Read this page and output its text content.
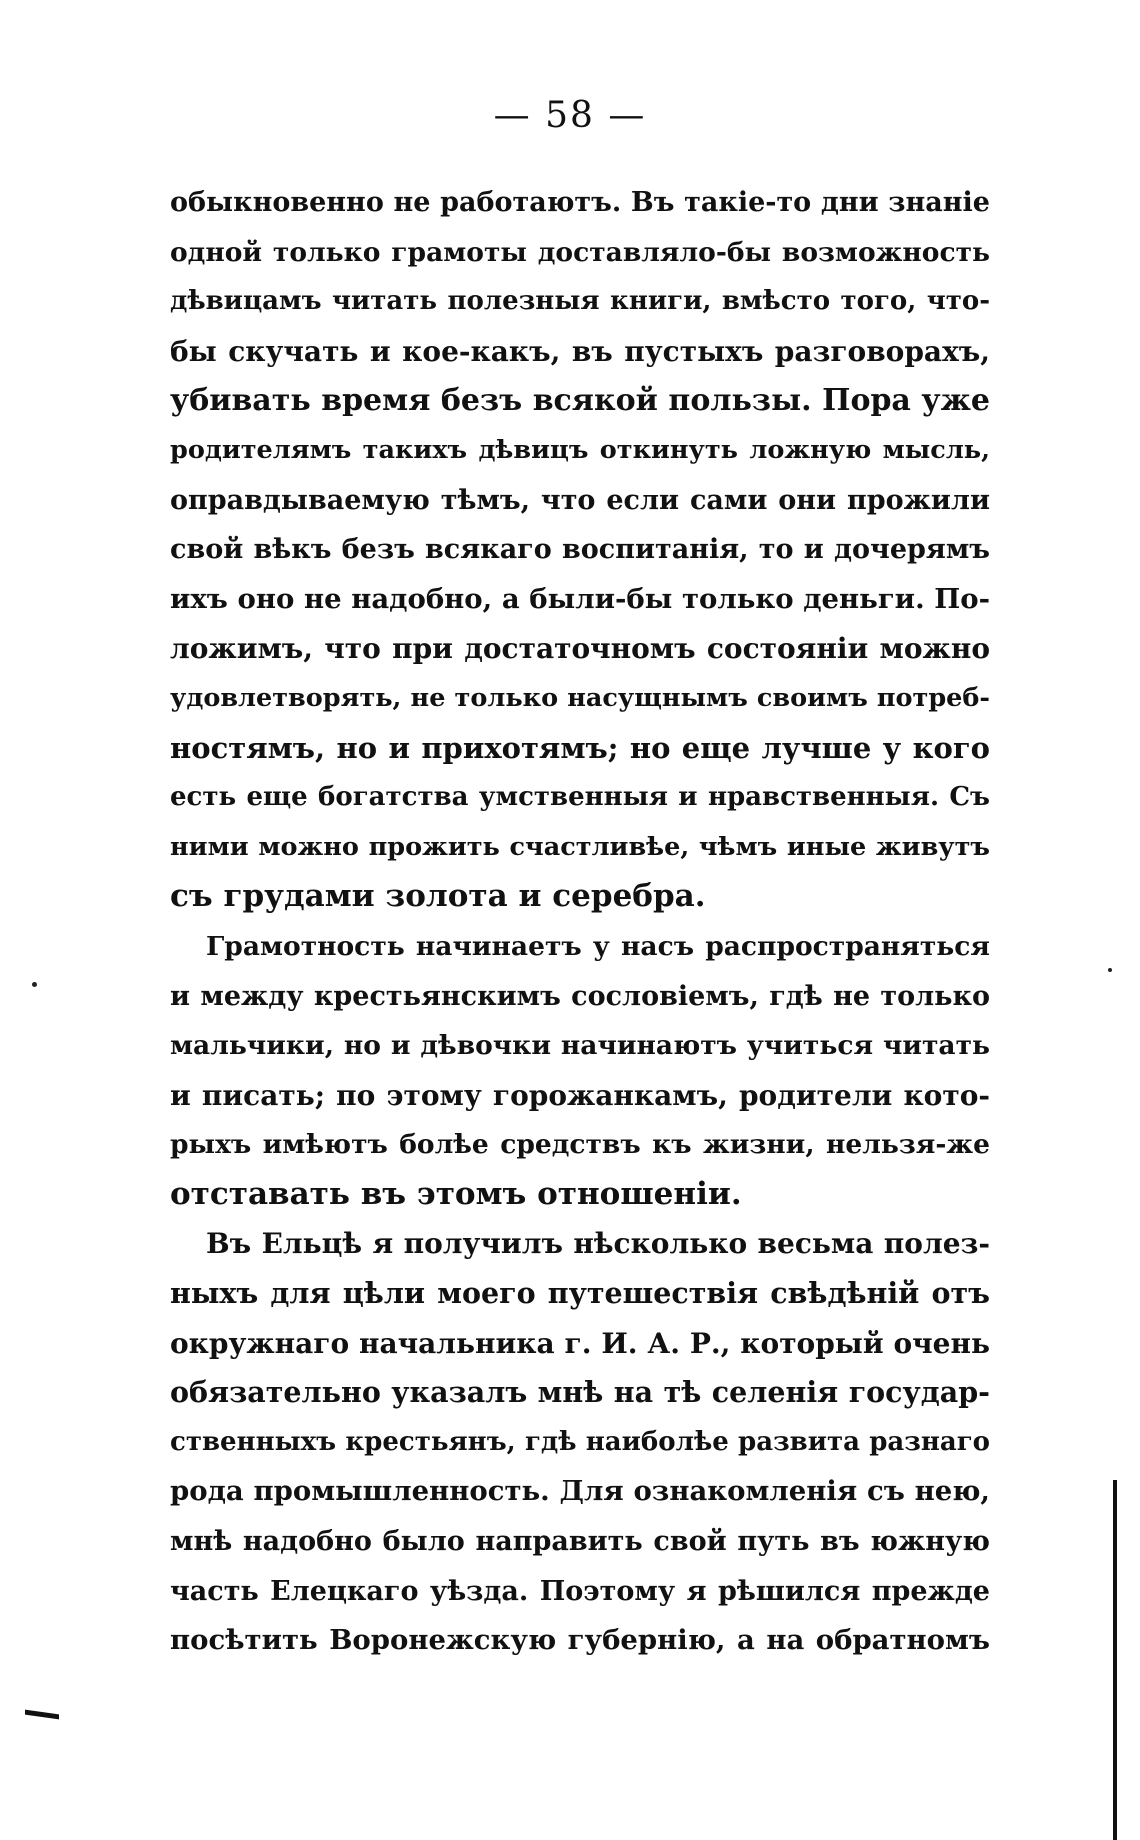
— 58 —
обыкновенно не работаютъ. Въ такіе-то дни знаніе
одной только грамоты доставляло-бы возможность
дѣвицамъ читать полезныя книги, вмѣсто того, что-
бы скучать и кое-какъ, въ пустыхъ разговорахъ,
убивать время безъ всякой пользы. Пора уже
родителямъ такихъ дѣвицъ откинуть ложную мысль,
оправдываемую тѣмъ, что если сами они прожили
свой вѣкъ безъ всякаго воспитанія, то и дочерямъ
ихъ оно не надобно, а были-бы только деньги. По-
ложимъ, что при достаточномъ состояніи можно
удовлетворять, не только насущнымъ своимъ потреб-
ностямъ, но и прихотямъ; но еще лучше у кого
есть еще богатства умственныя и нравственныя. Съ
ними можно прожить счастливѣе, чѣмъ иные живутъ
съ грудами золота и серебра.
Грамотность начинаетъ у насъ распространяться
и между крестьянскимъ сословіемъ, гдѣ не только
мальчики, но и дѣвочки начинаютъ учиться читать
и писать; по этому горожанкамъ, родители кото-
рыхъ имѣютъ болѣе средствъ къ жизни, нельзя-же
отставать въ этомъ отношеніи.
Въ Ельцѣ я получилъ нѣсколько весьма полез-
ныхъ для цѣли моего путешествія свѣдѣній отъ
окружнаго начальника г. И. А. Р., который очень
обязательно указалъ мнѣ на тѣ селенія государ-
ственныхъ крестьянъ, гдѣ наиболѣе развита разнаго
рода промышленность. Для ознакомленія съ нею,
мнѣ надобно было направить свой путь въ южную
часть Елецкаго уѣзда. Поэтому я рѣшился прежде
посѣтить Воронежскую губернію, а на обратномъ
